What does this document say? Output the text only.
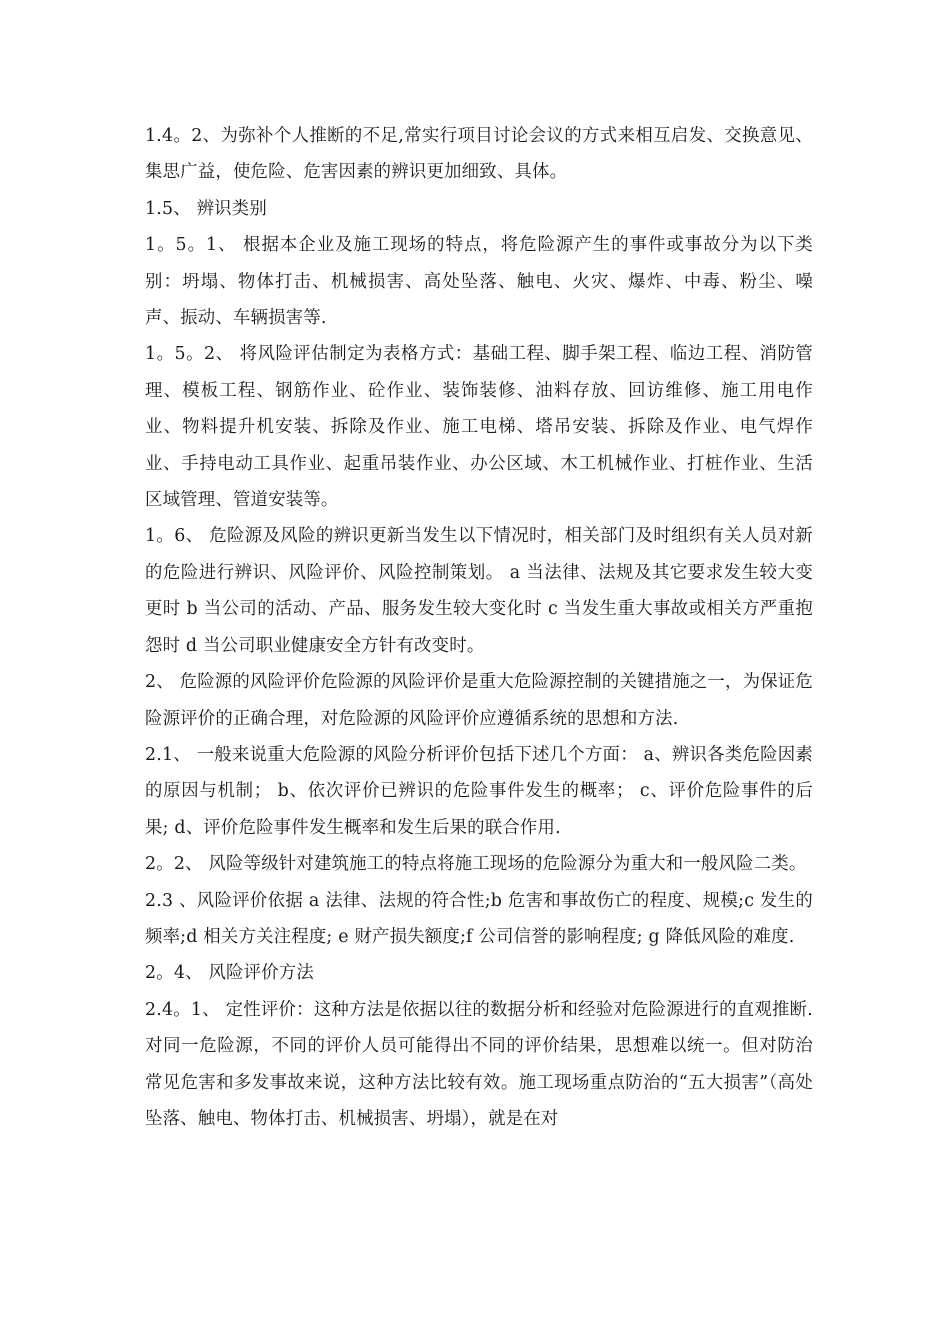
1.4。2、为弥补个人推断的不足,常实行项目讨论会议的方式来相互启发、交换意见、集思广益，使危险、危害因素的辨识更加细致、具体。

1.5、 辨识类别

1。5。1、 根据本企业及施工现场的特点，将危险源产生的事件或事故分为以下类别：坍塌、物体打击、机械损害、高处坠落、触电、火灾、爆炸、中毒、粉尘、噪声、振动、车辆损害等.

1。5。2、 将风险评估制定为表格方式：基础工程、脚手架工程、临边工程、消防管理、模板工程、钢筋作业、砼作业、装饰装修、油料存放、回访维修、施工用电作业、物料提升机安装、拆除及作业、施工电梯、塔吊安装、拆除及作业、电气焊作业、手持电动工具作业、起重吊装作业、办公区域、木工机械作业、打桩作业、生活区域管理、管道安装等。

1。6、 危险源及风险的辨识更新当发生以下情况时，相关部门及时组织有关人员对新的危险进行辨识、风险评价、风险控制策划。 a 当法律、法规及其它要求发生较大变更时 b 当公司的活动、产品、服务发生较大变化时 c 当发生重大事故或相关方严重抱怨时 d 当公司职业健康安全方针有改变时。

2、 危险源的风险评价危险源的风险评价是重大危险源控制的关键措施之一，为保证危险源评价的正确合理，对危险源的风险评价应遵循系统的思想和方法.

2.1、 一般来说重大危险源的风险分析评价包括下述几个方面： a、辨识各类危险因素的原因与机制； b、依次评价已辨识的危险事件发生的概率； c、评价危险事件的后果; d、评价危险事件发生概率和发生后果的联合作用.

2。2、 风险等级针对建筑施工的特点将施工现场的危险源分为重大和一般风险二类。

2.3 、风险评价依据 a 法律、法规的符合性;b 危害和事故伤亡的程度、规模;c 发生的频率;d 相关方关注程度; e 财产损失额度;f 公司信誉的影响程度; g 降低风险的难度.

2。4、 风险评价方法

2.4。1、 定性评价：这种方法是依据以往的数据分析和经验对危险源进行的直观推断.对同一危险源，不同的评价人员可能得出不同的评价结果，思想难以统一。但对防治常见危害和多发事故来说，这种方法比较有效。施工现场重点防治的“五大损害”（高处坠落、触电、物体打击、机械损害、坍塌），就是在对
